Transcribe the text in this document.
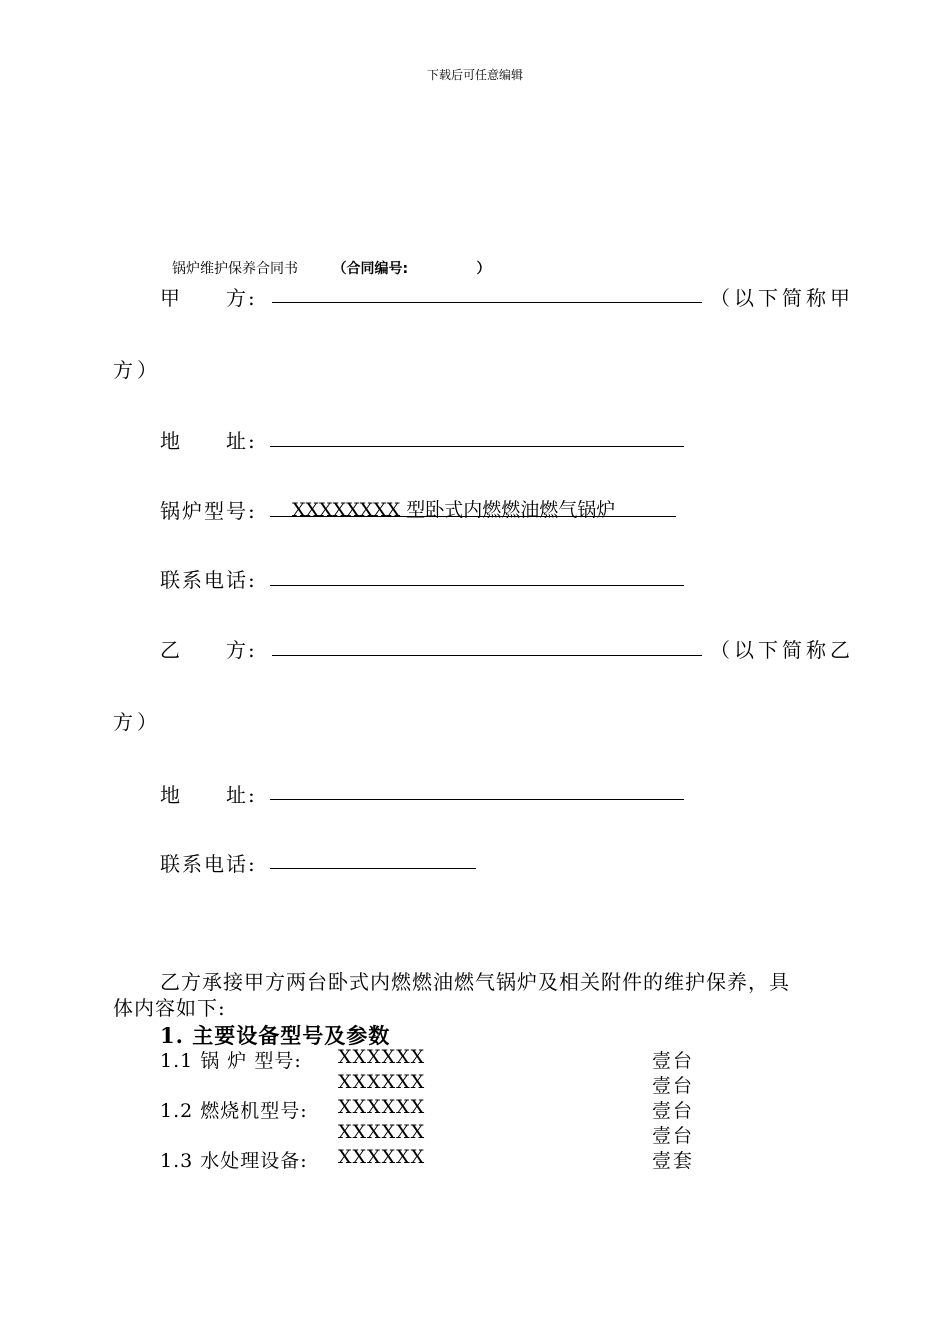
下载后可任意编辑
锅炉维护保养合同书 （合同编号:	）
甲　　方:	（以下简称甲
方）
地　　址:
锅炉型号: XXXXXXXX 型卧式内燃燃油燃气锅炉
联系电话:
乙　　方:	（以下简称乙
方）
地　　址:
联系电话:
乙方承接甲方两台卧式内燃燃油燃气锅炉及相关附件的维护保养，具
体内容如下:
1. 主要设备型号及参数
1.1 锅 炉 型号: XXXXXX	壹台
XXXXXX	壹台
1.2 燃烧机型号: XXXXXX	壹台
XXXXXX	壹台
1.3 水处理设备: XXXXXX	壹套
